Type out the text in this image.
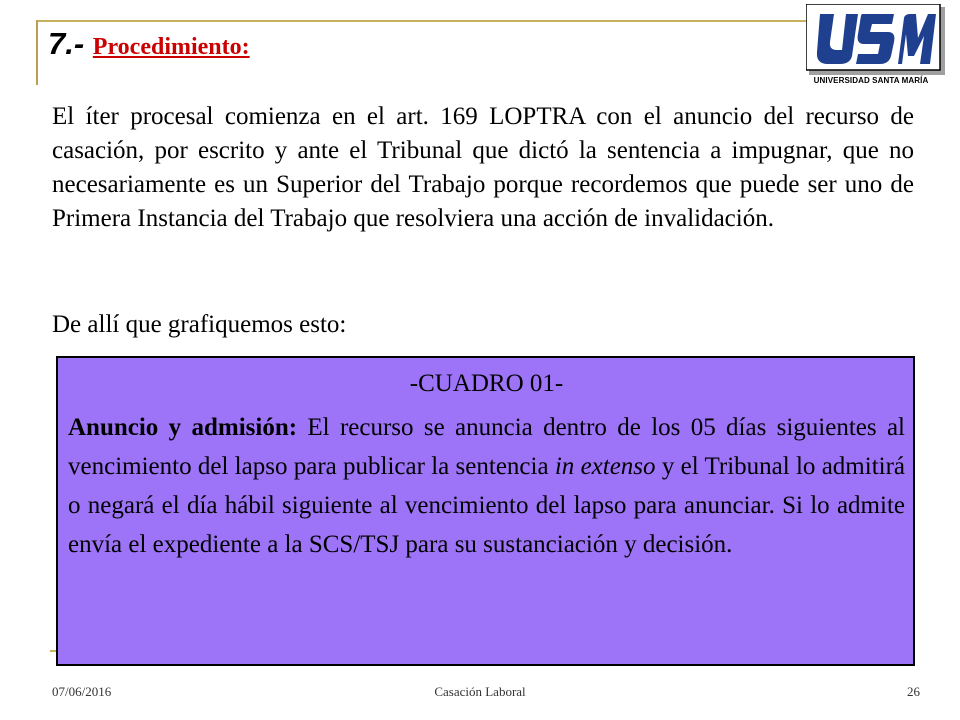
7.- Procedimiento:
UNIVERSIDAD SANTA MARÍA
El íter procesal comienza en el art. 169 LOPTRA con el anuncio del recurso de casación, por escrito y ante el Tribunal que dictó la sentencia a impugnar, que no necesariamente es un Superior del Trabajo porque recordemos que puede ser uno de Primera Instancia del Trabajo que resolviera una acción de invalidación.
De allí que grafiquemos esto:
-CUADRO 01-
Anuncio y admisión: El recurso se anuncia dentro de los 05 días siguientes al vencimiento del lapso para publicar la sentencia in extenso y el Tribunal lo admitirá o negará el día hábil siguiente al vencimiento del lapso para anunciar. Si lo admite envía el expediente a la SCS/TSJ para su sustanciación y decisión.
07/06/2016	Casación Laboral	26
